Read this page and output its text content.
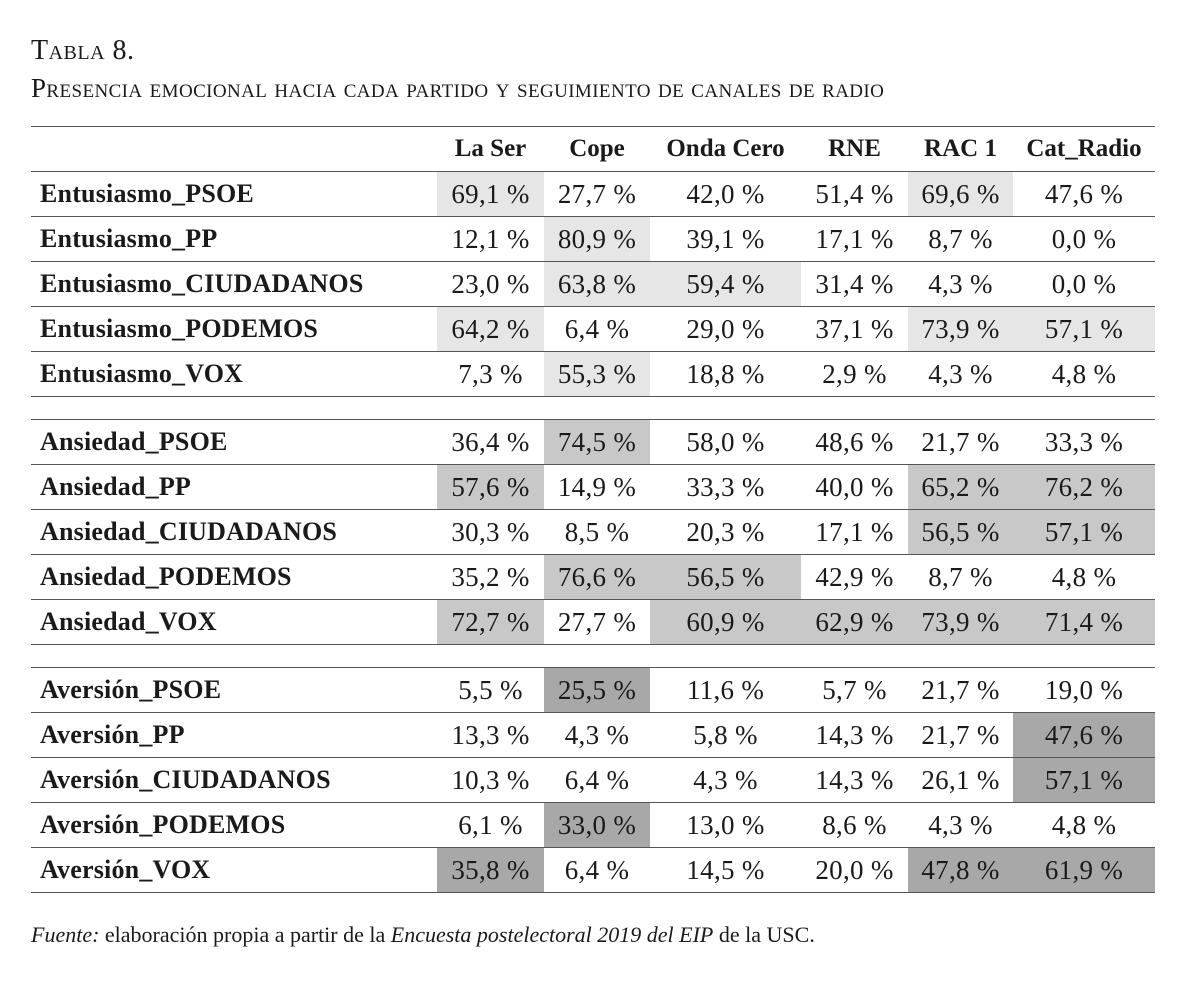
Tabla 8.
Presencia emocional hacia cada partido y seguimiento de canales de radio
	La Ser	Cope	Onda Cero	RNE	RAC 1	Cat_Radio
Entusiasmo_PSOE	69,1 %	27,7 %	42,0 %	51,4 %	69,6 %	47,6 %
Entusiasmo_PP	12,1 %	80,9 %	39,1 %	17,1 %	8,7 %	0,0 %
Entusiasmo_CIUDADANOS	23,0 %	63,8 %	59,4 %	31,4 %	4,3 %	0,0 %
Entusiasmo_PODEMOS	64,2 %	6,4 %	29,0 %	37,1 %	73,9 %	57,1 %
Entusiasmo_VOX	7,3 %	55,3 %	18,8 %	2,9 %	4,3 %	4,8 %

Ansiedad_PSOE	36,4 %	74,5 %	58,0 %	48,6 %	21,7 %	33,3 %
Ansiedad_PP	57,6 %	14,9 %	33,3 %	40,0 %	65,2 %	76,2 %
Ansiedad_CIUDADANOS	30,3 %	8,5 %	20,3 %	17,1 %	56,5 %	57,1 %
Ansiedad_PODEMOS	35,2 %	76,6 %	56,5 %	42,9 %	8,7 %	4,8 %
Ansiedad_VOX	72,7 %	27,7 %	60,9 %	62,9 %	73,9 %	71,4 %

Aversión_PSOE	5,5 %	25,5 %	11,6 %	5,7 %	21,7 %	19,0 %
Aversión_PP	13,3 %	4,3 %	5,8 %	14,3 %	21,7 %	47,6 %
Aversión_CIUDADANOS	10,3 %	6,4 %	4,3 %	14,3 %	26,1 %	57,1 %
Aversión_PODEMOS	6,1 %	33,0 %	13,0 %	8,6 %	4,3 %	4,8 %
Aversión_VOX	35,8 %	6,4 %	14,5 %	20,0 %	47,8 %	61,9 %
Fuente: elaboración propia a partir de la Encuesta postelectoral 2019 del EIP de la USC.
